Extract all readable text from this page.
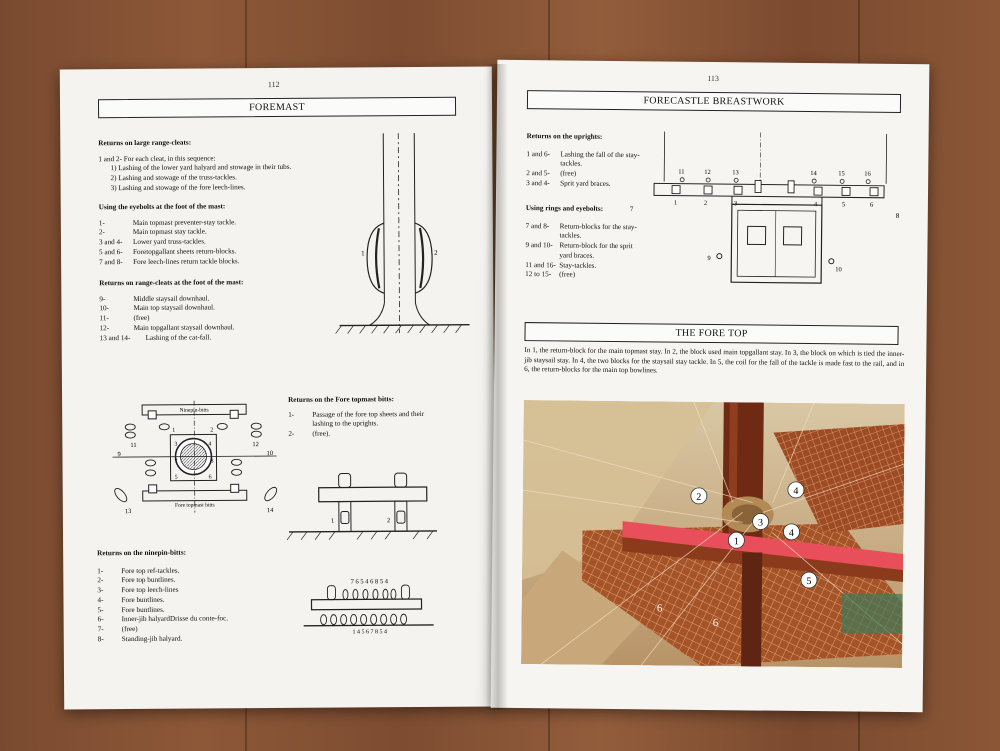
112
FOREMAST
Returns on large range-cleats:
1 and 2- For each cleat, in this sequence:
1) Lashing of the lower yard halyard and stowage in their tubs.
2) Lashing and stowage of the truss-tackles.
3) Lashing and stowage of the fore leech-lines.
Using the eyebolts at the foot of the mast:
1-	Main topmast preventer-stay tackle.
2-	Main topmast stay tackle.
3 and 4-	Lower yard truss-tackles.
5 and 6-	Foretopgallant sheets return-blocks.
7 and 8-	Fore leech-lines return tackle blocks.
Returns on range-cleats at the foot of the mast:
9-	Middle staysail downhaul.
10-	Main top staysail downhaul.
11-	(free)
12-	Main topgallant staysail downhaul.
13 and 14-	Lashing of the cat-fall.
1	2
Ninepin-bitts
Fore topmast bitts
9	10
11	12
13	14
1	2
3	4
5	6
7	8
Returns on the Fore topmast bitts:
1-	Passage of the fore top sheets and their lashing to the uprights.
2-	(free).
1	2
Returns on the ninepin-bitts:
1-	Fore top ref-tackles.
2-	Fore top buntlines.
3-	Fore top leech-lines
4-	Fore buntlines.
5-	Fore buntlines.
6-	Inner-jib halyardDrisse du conte-foc.
7-	(free)
8-	Standing-jib halyard.
7 6 5 4 6 8 5 4
1 4 5 6 7 8 5 4
113
FORECASTLE BREASTWORK
Returns on the uprights:
1 and 6-	Lashing the fall of the stay-tackles.
2 and 5-	(free)
3 and 4-	Sprit yard braces.
Using rings and eyebolts:
7 and 8-	Return-blocks for the stay-tackles.
9 and 10- Return-block for the sprit yard braces.
11 and 16- Stay-tackles.
12 to 15-	(free)
11	12	13	14	15	16
1	2	3	4	5	6
7
8
9
10
THE FORE TOP
In 1, the return-block for the main topmast stay. In 2, the block used main topgallant stay. In 3, the block on which is tied the inner-jib staysail stay. In 4, the two blocks for the staysail stay tackle. In 5, the coil for the fall of the tackle is made fast to the rail, and in 6, the return-blocks for the main top bowlines.
2
4
3
4
1
5
6
6
